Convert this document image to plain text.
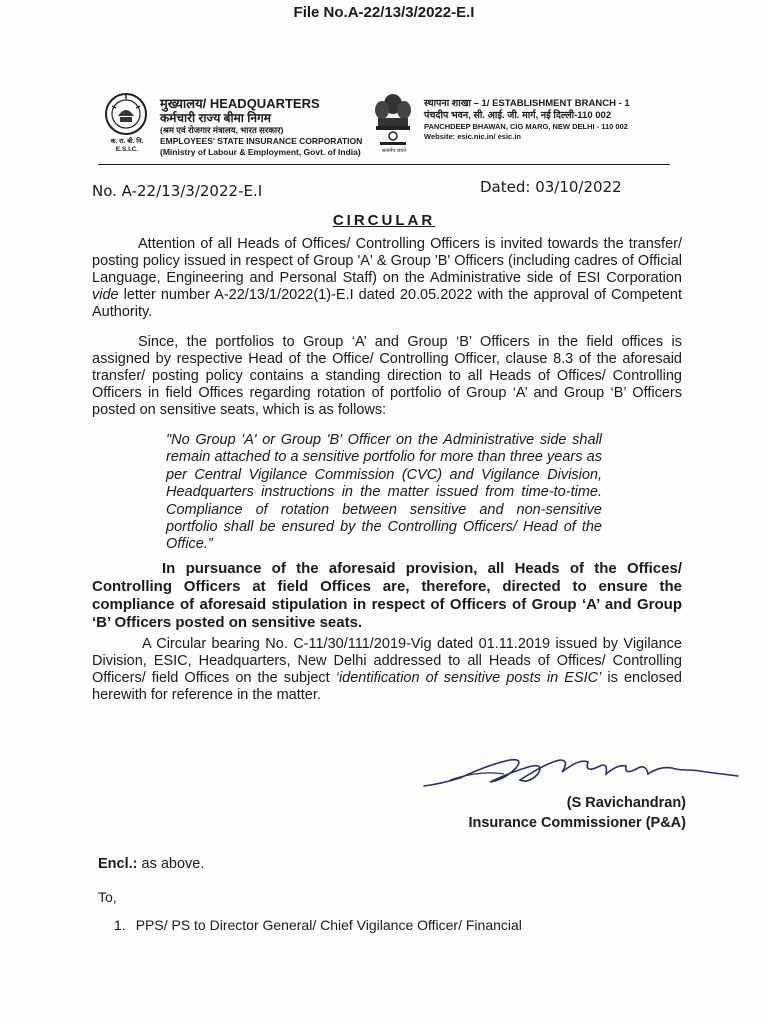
File No.A-22/13/3/2022-E.I
क. रा. बी. नि.
E.S.I.C.
मुख्यालय/ HEADQUARTERS
कर्मचारी राज्य बीमा निगम
(श्रम एवं रोजगार मंत्रालय, भारत सरकार)
EMPLOYEES' STATE INSURANCE CORPORATION
(Ministry of Labour & Employment, Govt. of India)	सत्यमेव जयते
स्थापना शाखा – 1/ ESTABLISHMENT BRANCH - 1
पंचदीप भवन, सी. आई. जी. मार्ग, नई दिल्ली-110 002
PANCHDEEP BHAWAN, CIG MARG, NEW DELHI - 110 002
Website: esic.nic.in/ esic.in
No. A-22/13/3/2022-E.I	Dated: 03/10/2022
CIRCULAR
Attention of all Heads of Offices/ Controlling Officers is invited towards the transfer/ posting policy issued in respect of Group 'A' & Group 'B' Officers (including cadres of Official Language, Engineering and Personal Staff) on the Administrative side of ESI Corporation vide letter number A-22/13/1/2022(1)-E.I dated 20.05.2022 with the approval of Competent Authority.
Since, the portfolios to Group ‘A’ and Group ‘B’ Officers in the field offices is assigned by respective Head of the Office/ Controlling Officer, clause 8.3 of the aforesaid transfer/ posting policy contains a standing direction to all Heads of Offices/ Controlling Officers in field Offices regarding rotation of portfolio of Group ‘A’ and Group ‘B’ Officers posted on sensitive seats, which is as follows:
"No Group 'A' or Group 'B' Officer on the Administrative side shall remain attached to a sensitive portfolio for more than three years as per Central Vigilance Commission (CVC) and Vigilance Division, Headquarters instructions in the matter issued from time-to-time. Compliance of rotation between sensitive and non-sensitive portfolio shall be ensured by the Controlling Officers/ Head of the Office.”
In pursuance of the aforesaid provision, all Heads of the Offices/ Controlling Officers at field Offices are, therefore, directed to ensure the compliance of aforesaid stipulation in respect of Officers of Group ‘A’ and Group ‘B’ Officers posted on sensitive seats.
A Circular bearing No. C-11/30/111/2019-Vig dated 01.11.2019 issued by Vigilance Division, ESIC, Headquarters, New Delhi addressed to all Heads of Offices/ Controlling Officers/ field Offices on the subject ‘identification of sensitive posts in ESIC’ is enclosed herewith for reference in the matter.
(S Ravichandran)
Insurance Commissioner (P&A)
Encl.: as above.
To,
1. PPS/ PS to Director General/ Chief Vigilance Officer/ Financial
